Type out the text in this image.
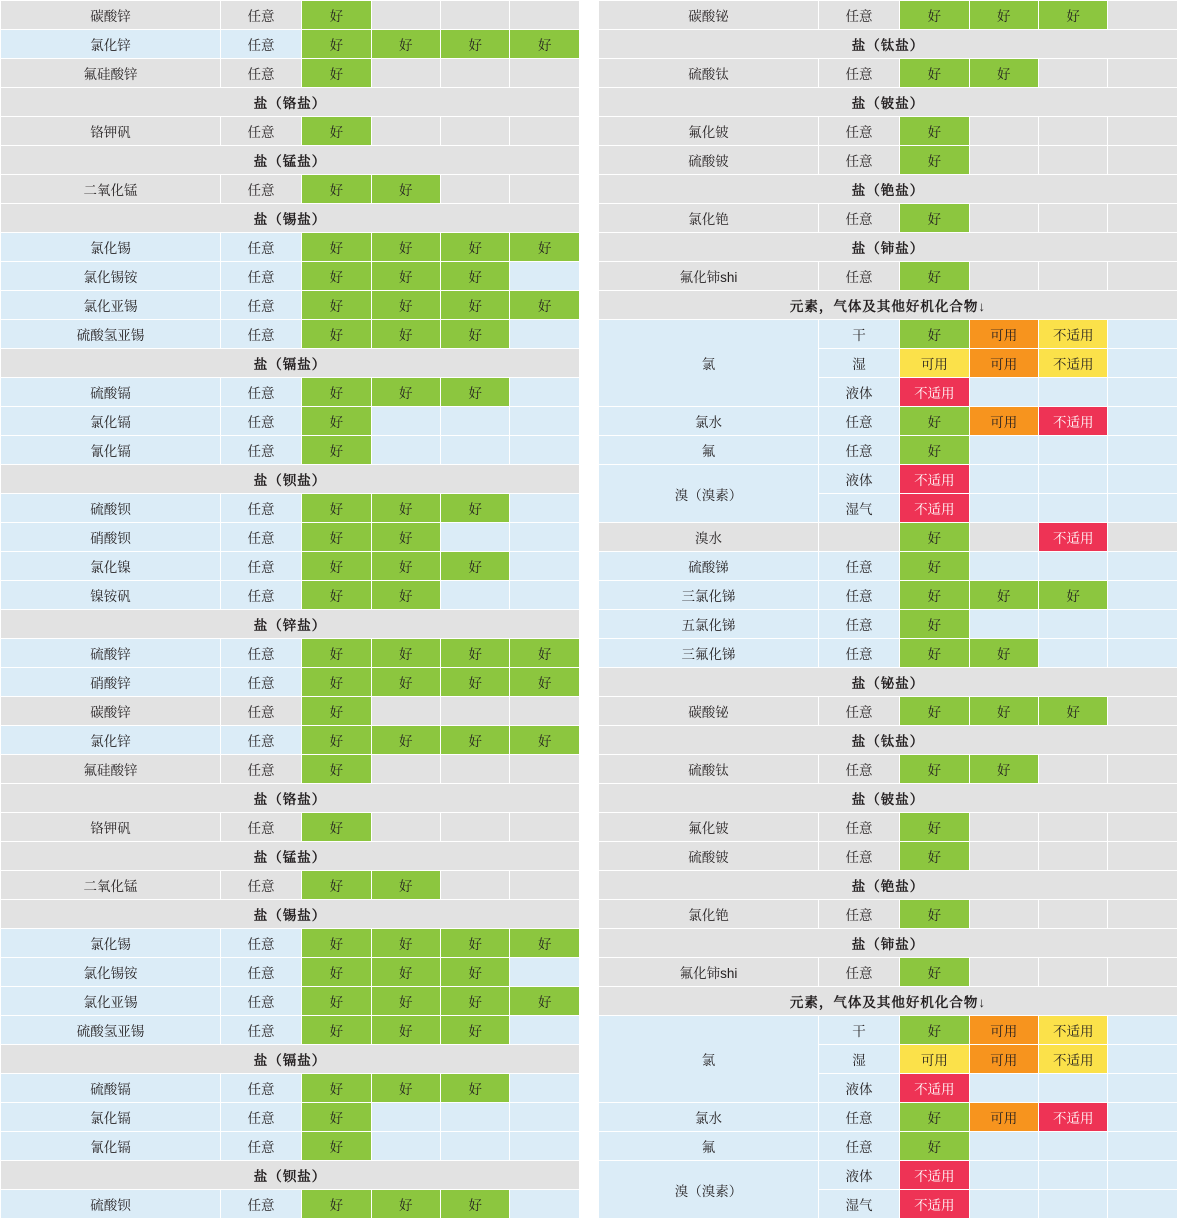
碳酸锌	任意	好			
氯化锌	任意	好	好	好	好
氟硅酸锌	任意	好			
盐（铬盐）					
铬钾矾	任意	好			
盐（锰盐）					
二氧化锰	任意	好	好		
盐（锡盐）					
氯化锡	任意	好	好	好	好
氯化锡铵	任意	好	好	好	
氯化亚锡	任意	好	好	好	好
硫酸氢亚锡	任意	好	好	好	
盐（镉盐）					
硫酸镉	任意	好	好	好	
氯化镉	任意	好			
氰化镉	任意	好			
盐（钡盐）					
硫酸钡	任意	好	好	好	
硝酸钡	任意	好	好		
氯化镍	任意	好	好	好	
镍铵矾	任意	好	好		
盐（锌盐）					
硫酸锌	任意	好	好	好	好
硝酸锌	任意	好	好	好	好
碳酸锌	任意	好			
氯化锌	任意	好	好	好	好
氟硅酸锌	任意	好			
盐（铬盐）					
铬钾矾	任意	好			
盐（锰盐）					
二氧化锰	任意	好	好		
盐（锡盐）					
氯化锡	任意	好	好	好	好
氯化锡铵	任意	好	好	好	
氯化亚锡	任意	好	好	好	好
硫酸氢亚锡	任意	好	好	好	
盐（镉盐）					
硫酸镉	任意	好	好	好	
氯化镉	任意	好			
氰化镉	任意	好			
盐（钡盐）					
硫酸钡	任意	好	好	好	
碳酸铋	任意	好	好	好	
盐（钛盐）					
硫酸钛	任意	好	好		
盐（铍盐）					
氟化铍	任意	好			
硫酸铍	任意	好			
盐（铯盐）					
氯化铯	任意	好			
盐（铈盐）					
氟化铈shi	任意	好			
元素，气体及其他好机化合物↓					
氯	干	好	可用	不适用	
	湿	可用	可用	不适用	
	液体	不适用			
氯水	任意	好	可用	不适用	
氟	任意	好			
溴（溴素）	液体	不适用			
	湿气	不适用			
溴水		好		不适用	
硫酸锑	任意	好			
三氯化锑	任意	好	好	好	
五氯化锑	任意	好			
三氟化锑	任意	好	好		
盐（铋盐）					
碳酸铋	任意	好	好	好	
盐（钛盐）					
硫酸钛	任意	好	好		
盐（铍盐）					
氟化铍	任意	好			
硫酸铍	任意	好			
盐（铯盐）					
氯化铯	任意	好			
盐（铈盐）					
氟化铈shi	任意	好			
元素，气体及其他好机化合物↓					
氯	干	好	可用	不适用	
	湿	可用	可用	不适用	
	液体	不适用			
氯水	任意	好	可用	不适用	
氟	任意	好			
溴（溴素）	液体	不适用			
	湿气	不适用			
